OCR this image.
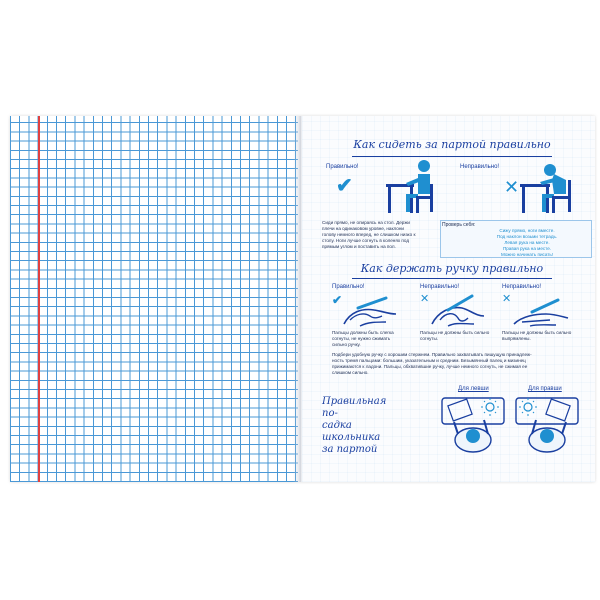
Как сидеть за партой правильно
Правильно!	Неправильно!
✔	✕
Сиди прямо, не опираясь на стол. Держи
плечи на одинаковом уровне, наклони
голову немного вперед, не слишком низко к
столу. Ноги лучше согнуть в коленях под
прямым углом и поставить на пол.
Проверь себя:
Сижу прямо, ноги вместе.
Под наклон возьми тетрадь.
Левая рука на месте.
Правая рука на месте.
Можно начинать писать!
Как держать ручку правильно
Правильно!	Неправильно!	Неправильно!
✔	✕	✕
Пальцы должны быть слегка
согнуты, не нужно сжимать
сильно ручку.
Пальцы не должны быть сильно
согнуты.
Пальцы не должны быть сильно
выпрямлены.
Подбери удобную ручку с хорошим стержнем. Правильно захватывать пишущую принадлеж-
ность тремя пальцами: большим, указательным и средним. Безымянный палец и мизинец
прижимаются к ладони. Пальцы, обхватившие ручку, лучше немного согнуть, не сжимая ее
слишком сильно.
Правильная по-
садка школьника
за партой
Для левши	Для правши
